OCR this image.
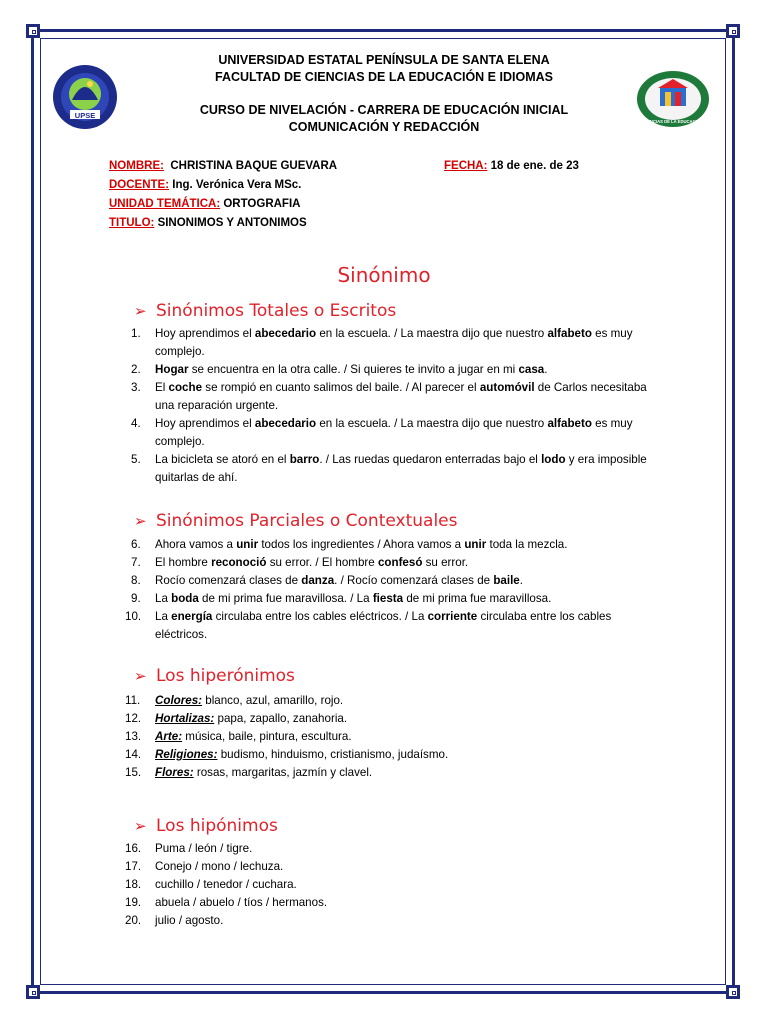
UPSE
CIENCIAS DE LA EDUCACIÓN
UNIVERSIDAD ESTATAL PENÍNSULA DE SANTA ELENA
FACULTAD DE CIENCIAS DE LA EDUCACIÓN E IDIOMAS
CURSO DE NIVELACIÓN - CARRERA DE EDUCACIÓN INICIAL
COMUNICACIÓN Y REDACCIÓN
NOMBRE: CHRISTINA BAQUE GUEVARA	FECHA: 18 de ene. de 23
DOCENTE: Ing. Verónica Vera MSc.
UNIDAD TEMÁTICA: ORTOGRAFIA
TITULO: SINONIMOS Y ANTONIMOS
Sinónimo
➢ Sinónimos Totales o Escritos
1. Hoy aprendimos el abecedario en la escuela. / La maestra dijo que nuestro alfabeto es muy complejo.
2. Hogar se encuentra en la otra calle. / Si quieres te invito a jugar en mi casa.
3. El coche se rompió en cuanto salimos del baile. / Al parecer el automóvil de Carlos necesitaba una reparación urgente.
4. Hoy aprendimos el abecedario en la escuela. / La maestra dijo que nuestro alfabeto es muy complejo.
5. La bicicleta se atoró en el barro. / Las ruedas quedaron enterradas bajo el lodo y era imposible quitarlas de ahí.
➢ Sinónimos Parciales o Contextuales
6. Ahora vamos a unir todos los ingredientes / Ahora vamos a unir toda la mezcla.
7. El hombre reconoció su error. / El hombre confesó su error.
8. Rocío comenzará clases de danza. / Rocío comenzará clases de baile.
9. La boda de mi prima fue maravillosa. / La fiesta de mi prima fue maravillosa.
10. La energía circulaba entre los cables eléctricos. / La corriente circulaba entre los cables eléctricos.
➢ Los hiperónimos
11. Colores: blanco, azul, amarillo, rojo.
12. Hortalizas: papa, zapallo, zanahoria.
13. Arte: música, baile, pintura, escultura.
14. Religiones: budismo, hinduismo, cristianismo, judaísmo.
15. Flores: rosas, margaritas, jazmín y clavel.
➢ Los hipónimos
16. Puma / león / tigre.
17. Conejo / mono / lechuza.
18. cuchillo / tenedor / cuchara.
19. abuela / abuelo / tíos / hermanos.
20. julio / agosto.
